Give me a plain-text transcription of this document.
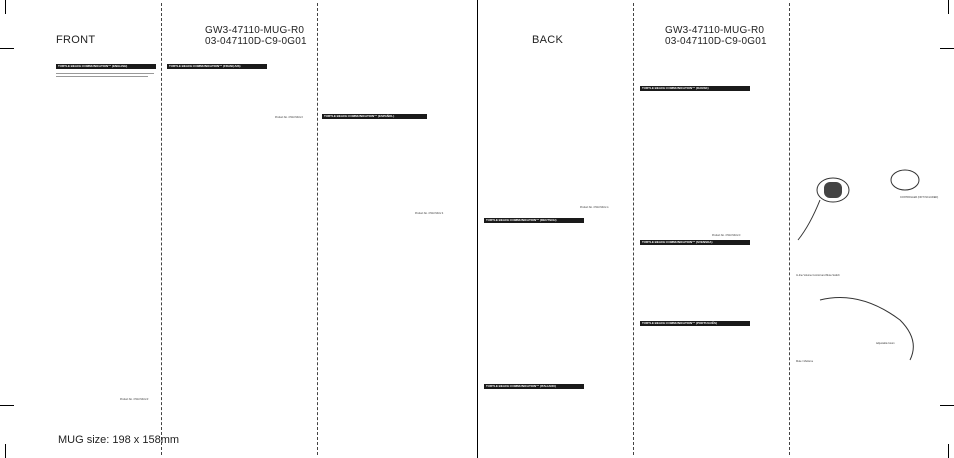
FRONT
GW3-47110-MUG-R0
03-047110D-C9-0G01	BACK
GW3-47110-MUG-R0
03-047110D-C9-0G01
MUG size: 198 x 158mm
TURTLE BEACH COMMUNICATION™ (ENGLISH)
Product No. 47110 MUG R
TURTLE BEACH COMMUNICATION™ (FRANÇAIS)
Product No. 47110 MUG F	TURTLE BEACH COMMUNICATION™ (ESPAÑOL)
Product No. 47110 MUG S
TURTLE BEACH COMMUNICATION™ (DEUTSCH)
TURTLE BEACH COMMUNICATION™ (ITALIANO)
Product No. 47110 MUG G
TURTLE BEACH COMMUNICATION™ (DANSK)
TURTLE BEACH COMMUNICATION™ (SVENSKA)
TURTLE BEACH COMMUNICATION™ (PORTUGUÊS)
Product No. 47110 MUG D
In-line Volume Control and Mute Switch
Mute / Mutisme
Adjustable boom
CONTROLLER (NOT INCLUDED)
